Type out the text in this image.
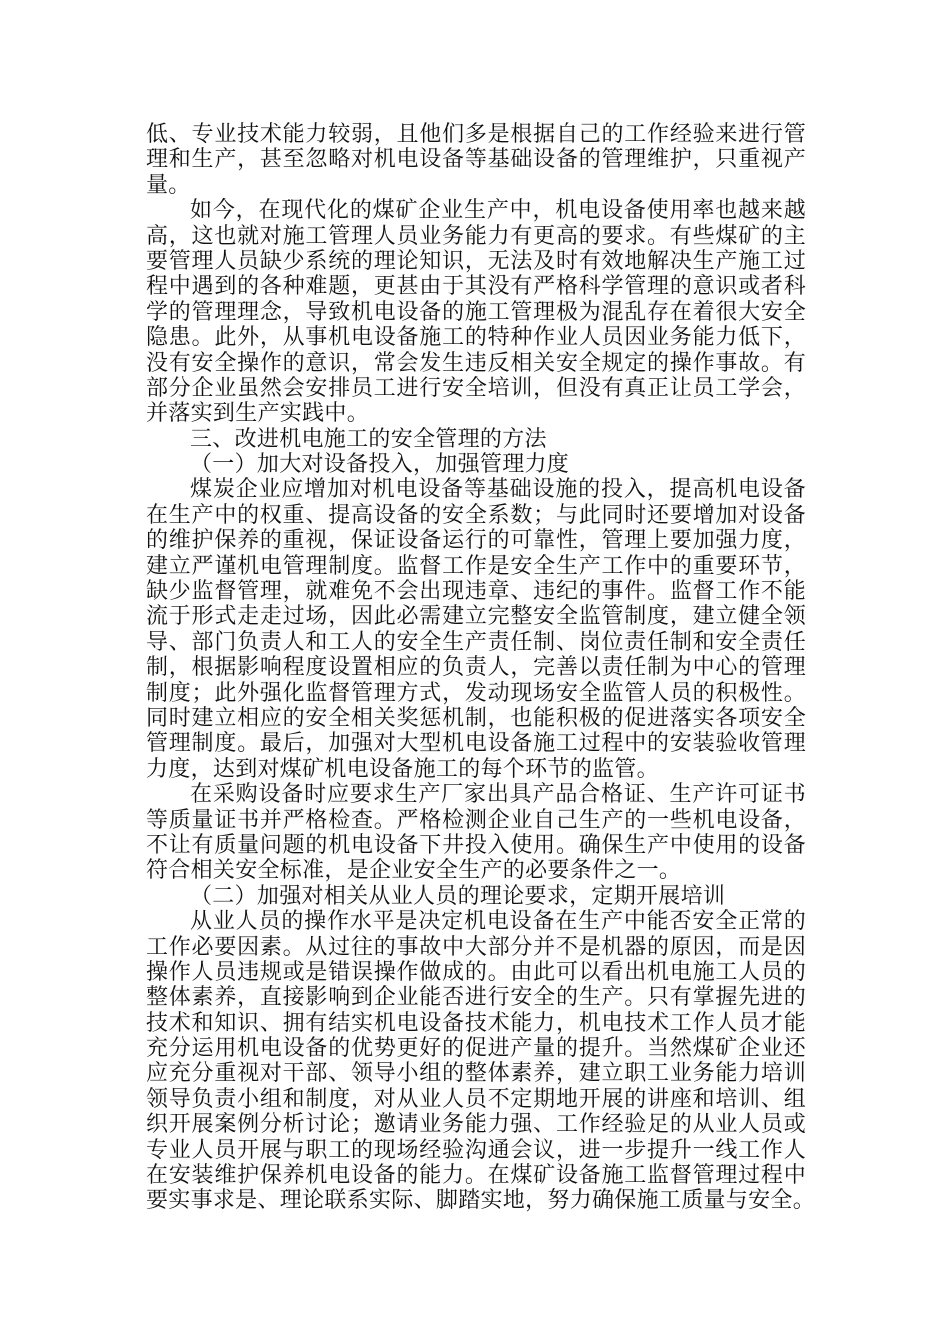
低、专业技术能力较弱，且他们多是根据自己的工作经验来进行管
理和生产，甚至忽略对机电设备等基础设备的管理维护，只重视产
量。
如今，在现代化的煤矿企业生产中，机电设备使用率也越来越
高，这也就对施工管理人员业务能力有更高的要求。有些煤矿的主
要管理人员缺少系统的理论知识，无法及时有效地解决生产施工过
程中遇到的各种难题，更甚由于其没有严格科学管理的意识或者科
学的管理理念，导致机电设备的施工管理极为混乱存在着很大安全
隐患。此外，从事机电设备施工的特种作业人员因业务能力低下，
没有安全操作的意识，常会发生违反相关安全规定的操作事故。有
部分企业虽然会安排员工进行安全培训，但没有真正让员工学会，
并落实到生产实践中。
三、改进机电施工的安全管理的方法
（一）加大对设备投入，加强管理力度
煤炭企业应增加对机电设备等基础设施的投入，提高机电设备
在生产中的权重、提高设备的安全系数；与此同时还要增加对设备
的维护保养的重视，保证设备运行的可靠性，管理上要加强力度，
建立严谨机电管理制度。监督工作是安全生产工作中的重要环节，
缺少监督管理，就难免不会出现违章、违纪的事件。监督工作不能
流于形式走走过场，因此必需建立完整安全监管制度，建立健全领
导、部门负责人和工人的安全生产责任制、岗位责任制和安全责任
制，根据影响程度设置相应的负责人，完善以责任制为中心的管理
制度；此外强化监督管理方式，发动现场安全监管人员的积极性。
同时建立相应的安全相关奖惩机制，也能积极的促进落实各项安全
管理制度。最后，加强对大型机电设备施工过程中的安装验收管理
力度，达到对煤矿机电设备施工的每个环节的监管。
在采购设备时应要求生产厂家出具产品合格证、生产许可证书
等质量证书并严格检查。严格检测企业自己生产的一些机电设备，
不让有质量问题的机电设备下井投入使用。确保生产中使用的设备
符合相关安全标准，是企业安全生产的必要条件之一。
（二）加强对相关从业人员的理论要求，定期开展培训
从业人员的操作水平是决定机电设备在生产中能否安全正常的
工作必要因素。从过往的事故中大部分并不是机器的原因，而是因
操作人员违规或是错误操作做成的。由此可以看出机电施工人员的
整体素养，直接影响到企业能否进行安全的生产。只有掌握先进的
技术和知识、拥有结实机电设备技术能力，机电技术工作人员才能
充分运用机电设备的优势更好的促进产量的提升。当然煤矿企业还
应充分重视对干部、领导小组的整体素养，建立职工业务能力培训
领导负责小组和制度，对从业人员不定期地开展的讲座和培训、组
织开展案例分析讨论；邀请业务能力强、工作经验足的从业人员或
专业人员开展与职工的现场经验沟通会议，进一步提升一线工作人
在安装维护保养机电设备的能力。在煤矿设备施工监督管理过程中
要实事求是、理论联系实际、脚踏实地，努力确保施工质量与安全。
